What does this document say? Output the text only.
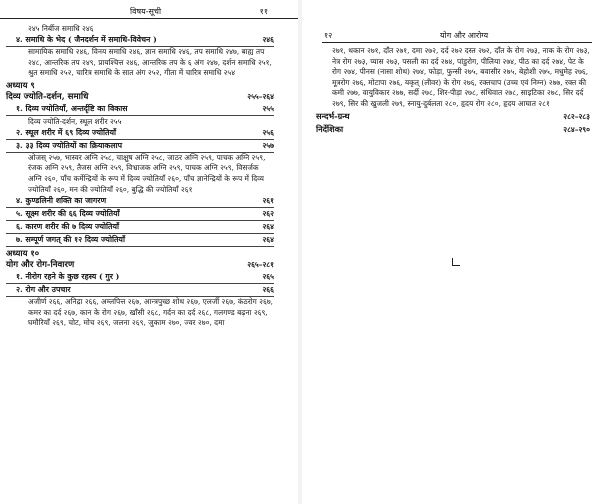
विषय-सूची	११
२४५ निर्बीज समाधि २४६
४. समाधि के भेद ( जैनदर्शन में समाधि-विवेचन )	२४६
सामायिक समाधि २४६, विनय समाधि २४६, ज्ञान समाधि २४६, तप समाधि २४७, बाह्य तप २४८, आन्तरिक तप २४९, प्रायश्चित्त २४६, आन्तरिक तप के ६ अंग २४७, दर्शन समाधि २५१, श्रुत समाधि २५२, चारित्र समाधि के सात अंग २५२, गीता में चारित्र समाधि २५४
अध्याय ९
दिव्य ज्योति-दर्शन, समाधि	२५५–२६४
१. दिव्य ज्योतियाँ, अन्तर्दृष्टि का विकास	२५५
दिव्य ज्योति-दर्शन, स्थूल शरीर २५५
२. स्थूल शरीर में ६९ दिव्य ज्योतियाँ	२५६
३. ३३ दिव्य ज्योतियों का क्रियाकलाप	२५७
ओजस् २५७, भास्वर अग्नि २५८, चाक्षुष अग्नि २५८, जाठर अग्नि २५९, पाचक अग्नि २५९, रंजक अग्नि २५९, तैजस अग्नि २५९, विभ्राजक अग्नि २५९, पाचक अग्नि २५९, विसर्जक अग्नि २६०, पाँच कर्मेन्द्रियों के रूप में दिव्य ज्योतियाँ २६०, पाँच ज्ञानेन्द्रियों के रूप में दिव्य ज्योतियाँ २६०, मन की ज्योतियाँ २६०, बुद्धि की ज्योतियाँ २६१
४. कुण्डलिनी शक्ति का जागरण	२६१
५. सूक्ष्म शरीर की ६६ दिव्य ज्योतियाँ	२६२
६. कारण शरीर की ७ दिव्य ज्योतियाँ	२६४
७. सम्पूर्ण जगत् की १२ दिव्य ज्योतियाँ	२६४
अध्याय १०
योग और रोग-निवारण	२६५–२८१
१. नीरोग रहने के कुछ रहस्य ( गुर )	२६५
२. रोग और उपचार	२६६
अजीर्ण २६६, अनिद्रा २६६, अम्लपित्त २६७, आन्त्रपुच्छ शोथ २६७, एलर्जी २६७, कंठरोग २६७, कमर का दर्द २६७, कान के रोग २६७, खाँसी २६८, गर्दन का दर्द २६८, गलगण्ड बढ़ना २६९, घमौरियाँ २६९, चोट, मोच २६९, जलना २६९, जुकाम २७०, ज्वर २७०, दमा
१२	योग और आरोग्य
२७१, थकान २७१, दाँत २७१, दमा २७२, दर्द २७२ दस्त २७२, दाँत के रोग २७३, नाक के रोग २७३, नेत्र रोग २७३, प्यास २७३, पसली का दर्द २७४, पांडुरोग, पीलिया २७४, पीठ का दर्द २७४, पेट के रोग २७४, पीनस (नासा शोथ) २७४, फोड़ा, फुन्सी २७५, बवासीर २७५, बेहोशी २७५, मधुमेह २७६, मूत्ररोग २७६, मोटापा २७६, यकृत् (लीवर) के रोग २७६, रक्तचाप (उच्च एवं निम्न) २७७, रक्त की कमी २७७, वायुविकार २७७, सर्दी २७८, शिर-पीड़ा २७८, संधिवात २७८, साइटिका २७८, सिर दर्द २७९, सिर की खुजली २७९, स्नायु-दुर्बलता २८०, हृदय रोग २८०, हृदय आघात २८१
सन्दर्भ-ग्रन्थ	२८२–२८३
निर्देशिका	२८४–२९०
